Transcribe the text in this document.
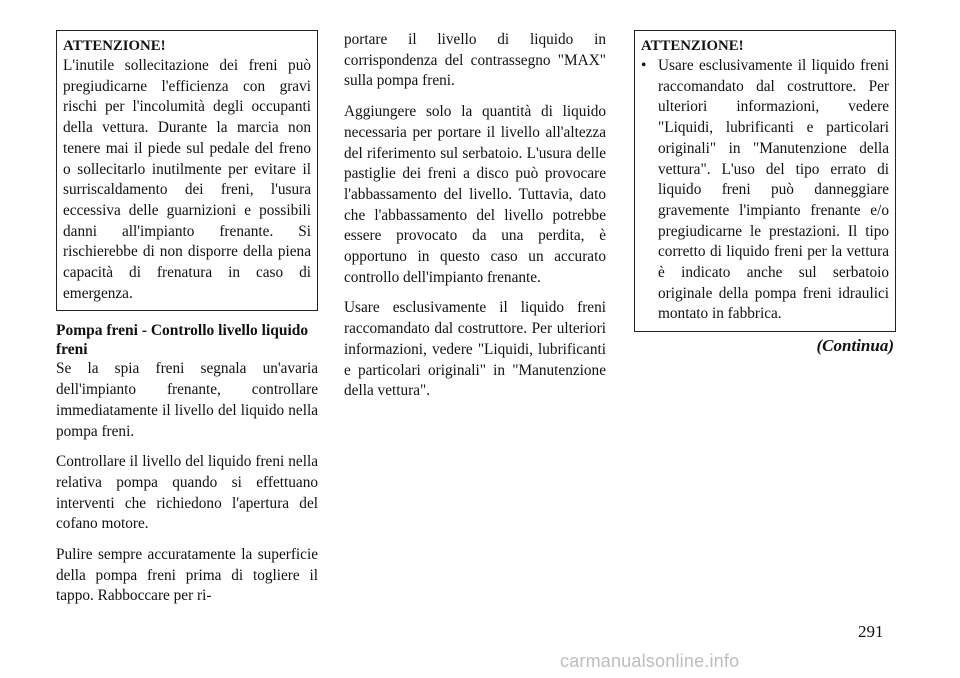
ATTENZIONE!

L'inutile sollecitazione dei freni può pregiudicarne l'efficienza con gravi rischi per l'incolumità degli occupanti della vettura. Durante la marcia non tenere mai il piede sul pedale del freno o sollecitarlo inutilmente per evitare il surriscaldamento dei freni, l'usura eccessiva delle guarnizioni e possibili danni all'impianto frenante. Si rischierebbe di non disporre della piena capacità di frenatura in caso di emergenza.

Pompa freni - Controllo livello liquido freni

Se la spia freni segnala un'avaria dell'impianto frenante, controllare immediatamente il livello del liquido nella pompa freni.

Controllare il livello del liquido freni nella relativa pompa quando si effettuano interventi che richiedono l'apertura del cofano motore.

Pulire sempre accuratamente la superficie della pompa freni prima di togliere il tappo. Rabboccare per ri-

portare il livello di liquido in corrispondenza del contrassegno "MAX" sulla pompa freni.

Aggiungere solo la quantità di liquido necessaria per portare il livello all'altezza del riferimento sul serbatoio. L'usura delle pastiglie dei freni a disco può provocare l'abbassamento del livello. Tuttavia, dato che l'abbassamento del livello potrebbe essere provocato da una perdita, è opportuno in questo caso un accurato controllo dell'impianto frenante.

Usare esclusivamente il liquido freni raccomandato dal costruttore. Per ulteriori informazioni, vedere "Liquidi, lubrificanti e particolari originali" in "Manutenzione della vettura".

ATTENZIONE!
• Usare esclusivamente il liquido freni raccomandato dal costruttore. Per ulteriori informazioni, vedere "Liquidi, lubrificanti e particolari originali" in "Manutenzione della vettura". L'uso del tipo errato di liquido freni può danneggiare gravemente l'impianto frenante e/o pregiudicarne le prestazioni. Il tipo corretto di liquido freni per la vettura è indicato anche sul serbatoio originale della pompa freni idraulici montato in fabbrica.
(Continua)
291
carmanualsonline.info
